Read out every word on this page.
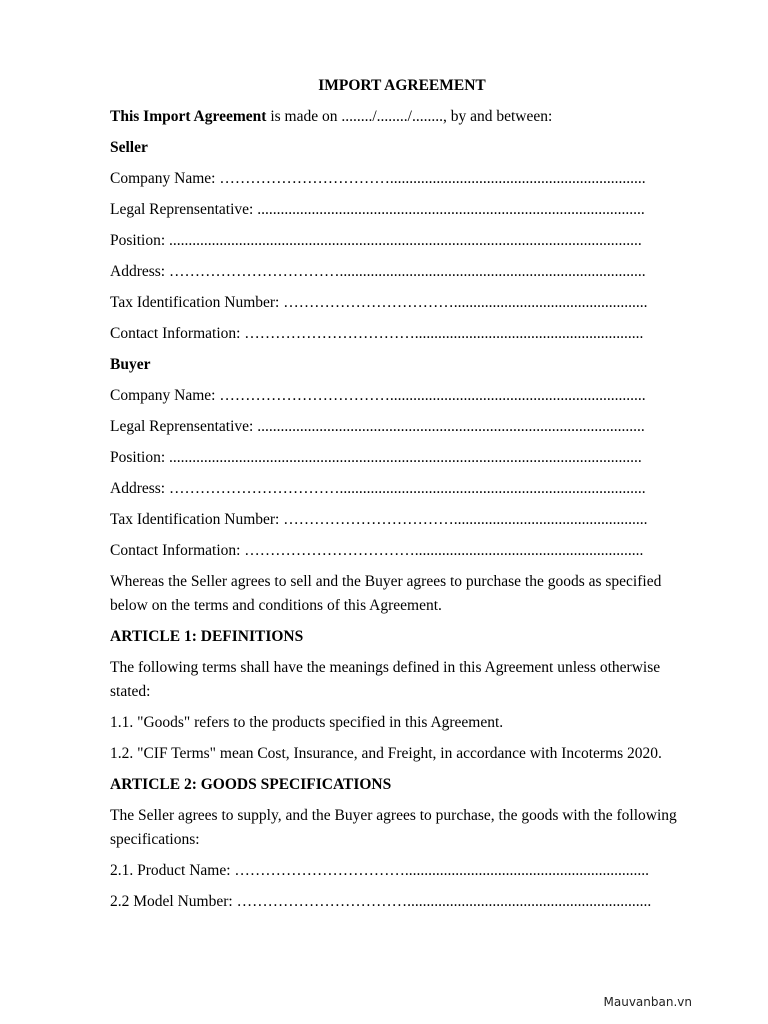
IMPORT AGREEMENT
This Import Agreement is made on ......../......../........, by and between:
Seller
Company Name: ……………………………..................................................................
Legal Reprensentative: ....................................................................................................
Position: ..........................................................................................................................
Address: ……………………………...............................................................................
Tax Identification Number: ……………………………..................................................
Contact Information: ……………………………...........................................................
Buyer
Company Name: ……………………………..................................................................
Legal Reprensentative: ....................................................................................................
Position: ..........................................................................................................................
Address: ……………………………...............................................................................
Tax Identification Number: ……………………………..................................................
Contact Information: ……………………………...........................................................
Whereas the Seller agrees to sell and the Buyer agrees to purchase the goods as specified below on the terms and conditions of this Agreement.
ARTICLE 1: DEFINITIONS
The following terms shall have the meanings defined in this Agreement unless otherwise stated:
1.1. "Goods" refers to the products specified in this Agreement.
1.2. "CIF Terms" mean Cost, Insurance, and Freight, in accordance with Incoterms 2020.
ARTICLE 2: GOODS SPECIFICATIONS
The Seller agrees to supply, and the Buyer agrees to purchase, the goods with the following specifications:
2.1. Product Name: ……………………………...............................................................
2.2 Model Number: ……………………………...............................................................
Mauvanban.vn
